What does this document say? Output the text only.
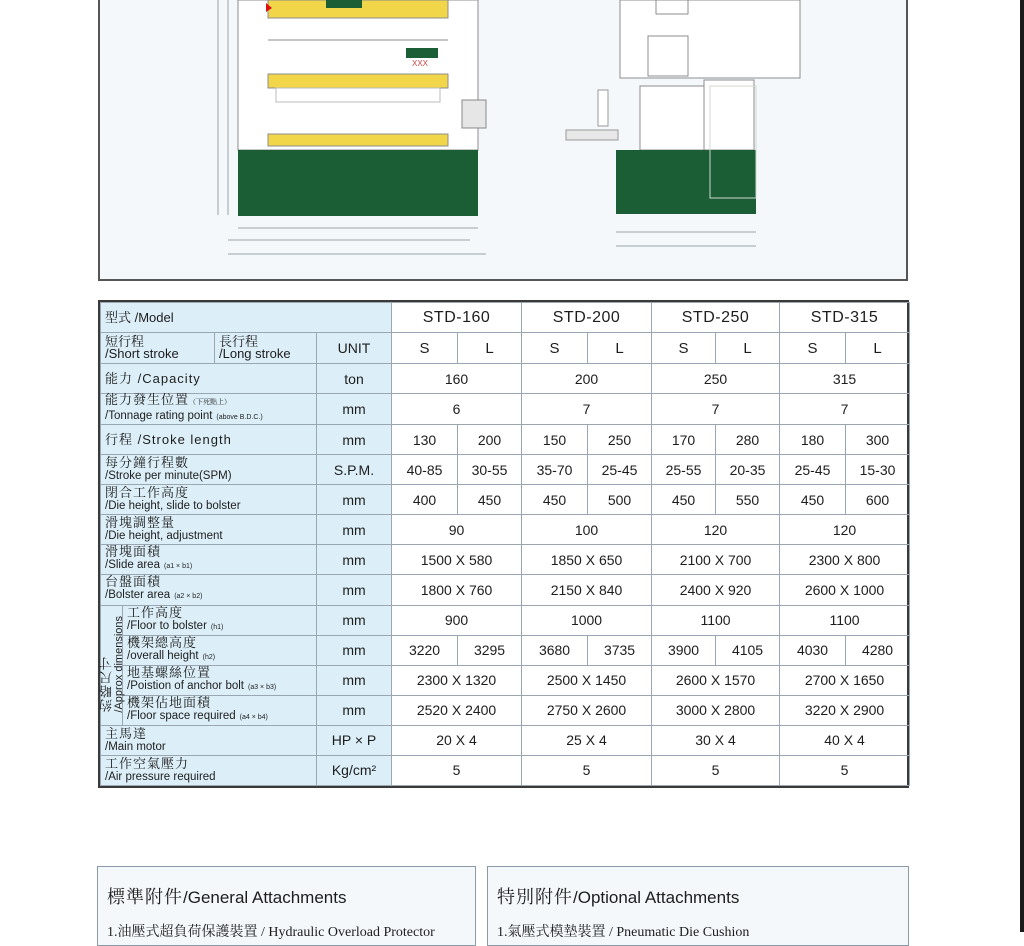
XXX
型式 /Model				STD-160		STD-200		STD-250		STD-315	
短行程
/Short stroke		長行程
/Long stroke	UNIT	S	L	S	L	S	L	S	L
能力 /Capacity			ton	160		200		250		315	
能力發生位置（下死點上）
/Tonnage rating point (above B.D.C.)			mm	6		7		7		7	
行程 /Stroke length			mm	130	200	150	250	170	280	180	300
每分鐘行程數
/Stroke per minute(SPM)			S.P.M.	40-85	30-55	35-70	25-45	25-55	20-35	25-45	15-30
閉合工作高度
/Die height, slide to bolster			mm	400	450	450	500	450	550	450	600
滑塊調整量
/Die height, adjustment			mm	90		100		120		120	
滑塊面積
/Slide area (a1 × b1)			mm	1500 X 580		1850 X 650		2100 X 700		2300 X 800	
台盤面積
/Bolster area (a2 × b2)			mm	1800 X 760		2150 X 840		2400 X 920		2600 X 1000	
約略尺寸/Approx dimensions	工作高度
/Floor to bolster (h1)		mm	900		1000		1100		1100	
	機架總高度
/overall height (h2)		mm	3220	3295	3680	3735	3900	4105	4030	4280
	地基螺絲位置
/Poistion of anchor bolt (a3 × b3)		mm	2300 X 1320		2500 X 1450		2600 X 1570		2700 X 1650	
	機架佔地面積
/Floor space required (a4 × b4)		mm	2520 X 2400		2750 X 2600		3000 X 2800		3220 X 2900	
主馬達
/Main motor			HP × P	20 X 4		25 X 4		30 X 4		40 X 4	
工作空氣壓力
/Air pressure required			Kg/cm²	5		5		5		5	
標準附件/General Attachments
1.油壓式超負荷保護裝置 / Hydraulic Overload Protector
特別附件/Optional Attachments
1.氣壓式模墊裝置 / Pneumatic Die Cushion
